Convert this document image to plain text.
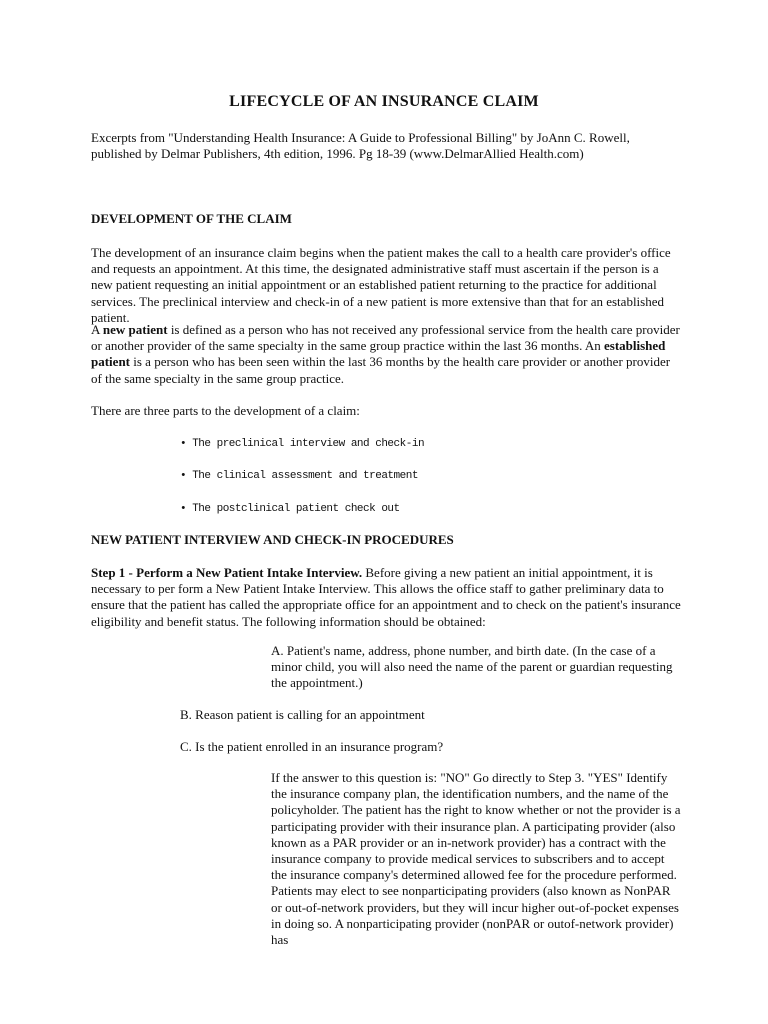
LIFECYCLE OF AN INSURANCE CLAIM

Excerpts from "Understanding Health Insurance: A Guide to Professional Billing" by JoAnn C. Rowell, published by Delmar Publishers, 4th edition, 1996. Pg 18-39 (www.DelmarAllied Health.com)

DEVELOPMENT OF THE CLAIM

The development of an insurance claim begins when the patient makes the call to a health care provider's office and requests an appointment. At this time, the designated administrative staff must ascertain if the person is a new patient requesting an initial appointment or an established patient returning to the practice for additional services. The preclinical interview and check-in of a new patient is more extensive than that for an established patient.

A new patient is defined as a person who has not received any professional service from the health care provider or another provider of the same specialty in the same group practice within the last 36 months. An established patient is a person who has been seen within the last 36 months by the health care provider or another provider of the same specialty in the same group practice.

There are three parts to the development of a claim:

• The preclinical interview and check-in

• The clinical assessment and treatment

• The postclinical patient check out

NEW PATIENT INTERVIEW AND CHECK-IN PROCEDURES

Step 1 - Perform a New Patient Intake Interview. Before giving a new patient an initial appointment, it is necessary to per form a New Patient Intake Interview. This allows the office staff to gather preliminary data to ensure that the patient has called the appropriate office for an appointment and to check on the patient's insurance eligibility and benefit status. The following information should be obtained:

A. Patient's name, address, phone number, and birth date. (In the case of a minor child, you will also need the name of the parent or guardian requesting the appointment.)

B. Reason patient is calling for an appointment

C. Is the patient enrolled in an insurance program?

If the answer to this question is: "NO" Go directly to Step 3. "YES" Identify the insurance company plan, the identification numbers, and the name of the policyholder. The patient has the right to know whether or not the provider is a participating provider with their insurance plan. A participating provider (also known as a PAR provider or an in-network provider) has a contract with the insurance company to provide medical services to subscribers and to accept the insurance company's determined allowed fee for the procedure performed. Patients may elect to see nonparticipating providers (also known as NonPAR or out-of-network providers, but they will incur higher out-of-pocket expenses in doing so. A nonparticipating provider (nonPAR or outof-network provider) has
